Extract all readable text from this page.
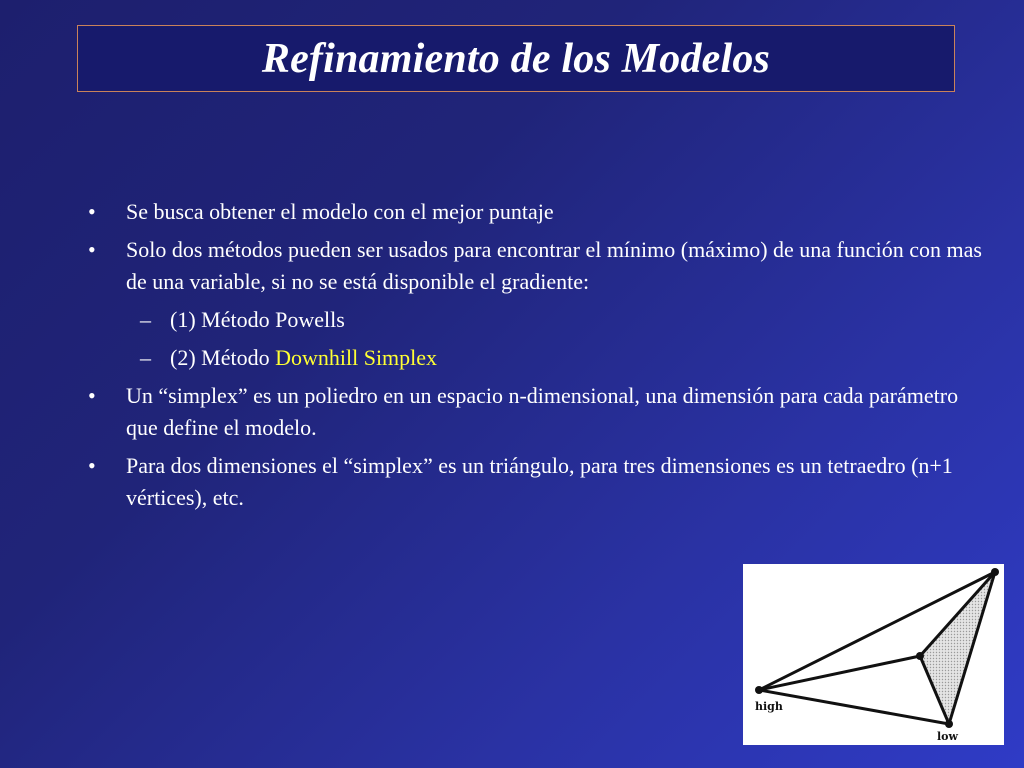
Refinamiento de los Modelos
• Se busca obtener el modelo con el mejor puntaje
• Solo dos métodos pueden ser usados para encontrar el mínimo (máximo) de una función con mas de una variable, si no se está disponible el gradiente:
– (1) Método Powells
– (2) Método Downhill Simplex
• Un “simplex” es un poliedro en un espacio n-dimensional, una dimensión para cada parámetro que define el modelo.
• Para dos dimensiones el “simplex” es un triángulo, para tres dimensiones es un tetraedro (n+1 vértices), etc.
high
low
